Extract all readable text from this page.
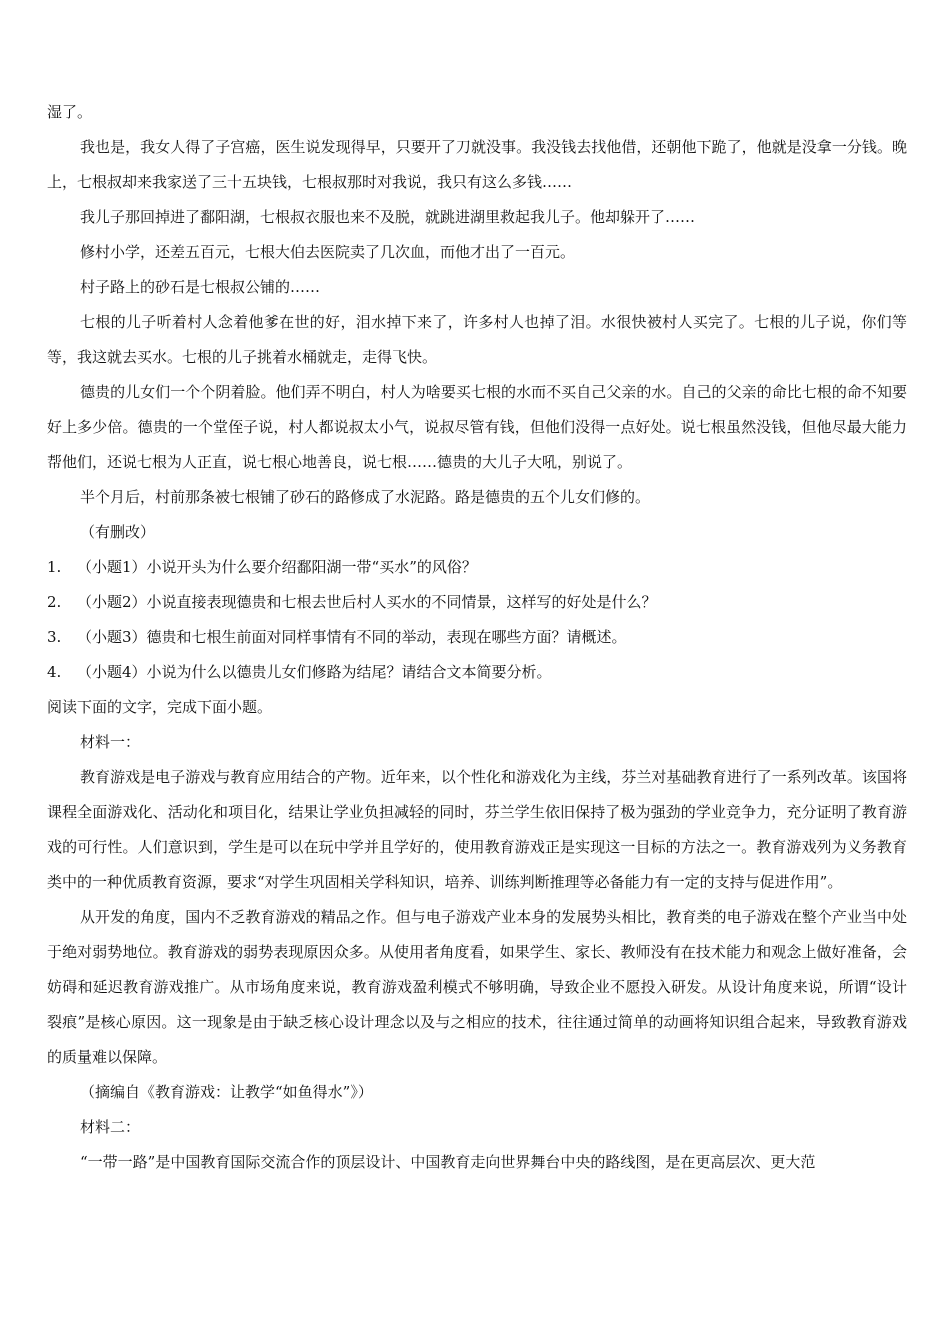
湿了。

我也是，我女人得了子宫癌，医生说发现得早，只要开了刀就没事。我没钱去找他借，还朝他下跪了，他就是没拿一分钱。晚上，七根叔却来我家送了三十五块钱，七根叔那时对我说，我只有这么多钱……

我儿子那回掉进了鄱阳湖，七根叔衣服也来不及脱，就跳进湖里救起我儿子。他却躲开了……

修村小学，还差五百元，七根大伯去医院卖了几次血，而他才出了一百元。

村子路上的砂石是七根叔公铺的……

七根的儿子听着村人念着他爹在世的好，泪水掉下来了，许多村人也掉了泪。水很快被村人买完了。七根的儿子说，你们等等，我这就去买水。七根的儿子挑着水桶就走，走得飞快。

德贵的儿女们一个个阴着脸。他们弄不明白，村人为啥要买七根的水而不买自己父亲的水。自己的父亲的命比七根的命不知要好上多少倍。德贵的一个堂侄子说，村人都说叔太小气，说叔尽管有钱，但他们没得一点好处。说七根虽然没钱，但他尽最大能力帮他们，还说七根为人正直，说七根心地善良，说七根……德贵的大儿子大吼，别说了。

半个月后，村前那条被七根铺了砂石的路修成了水泥路。路是德贵的五个儿女们修的。

（有删改）

1.	（小题1）小说开头为什么要介绍鄱阳湖一带“买水”的风俗？
2.	（小题2）小说直接表现德贵和七根去世后村人买水的不同情景，这样写的好处是什么？
3.	（小题3）德贵和七根生前面对同样事情有不同的举动，表现在哪些方面？请概述。
4.	（小题4）小说为什么以德贵儿女们修路为结尾？请结合文本简要分析。

阅读下面的文字，完成下面小题。

材料一：

教育游戏是电子游戏与教育应用结合的产物。近年来，以个性化和游戏化为主线，芬兰对基础教育进行了一系列改革。该国将课程全面游戏化、活动化和项目化，结果让学业负担减轻的同时，芬兰学生依旧保持了极为强劲的学业竞争力，充分证明了教育游戏的可行性。人们意识到，学生是可以在玩中学并且学好的，使用教育游戏正是实现这一目标的方法之一。教育游戏列为义务教育类中的一种优质教育资源，要求“对学生巩固相关学科知识，培养、训练判断推理等必备能力有一定的支持与促进作用”。

从开发的角度，国内不乏教育游戏的精品之作。但与电子游戏产业本身的发展势头相比，教育类的电子游戏在整个产业当中处于绝对弱势地位。教育游戏的弱势表现原因众多。从使用者角度看，如果学生、家长、教师没有在技术能力和观念上做好准备，会妨碍和延迟教育游戏推广。从市场角度来说，教育游戏盈利模式不够明确，导致企业不愿投入研发。从设计角度来说，所谓“设计裂痕”是核心原因。这一现象是由于缺乏核心设计理念以及与之相应的技术，往往通过简单的动画将知识组合起来，导致教育游戏的质量难以保障。

（摘编自《教育游戏：让教学“如鱼得水”》）

材料二：

“一带一路”是中国教育国际交流合作的顶层设计、中国教育走向世界舞台中央的路线图，是在更高层次、更大范
